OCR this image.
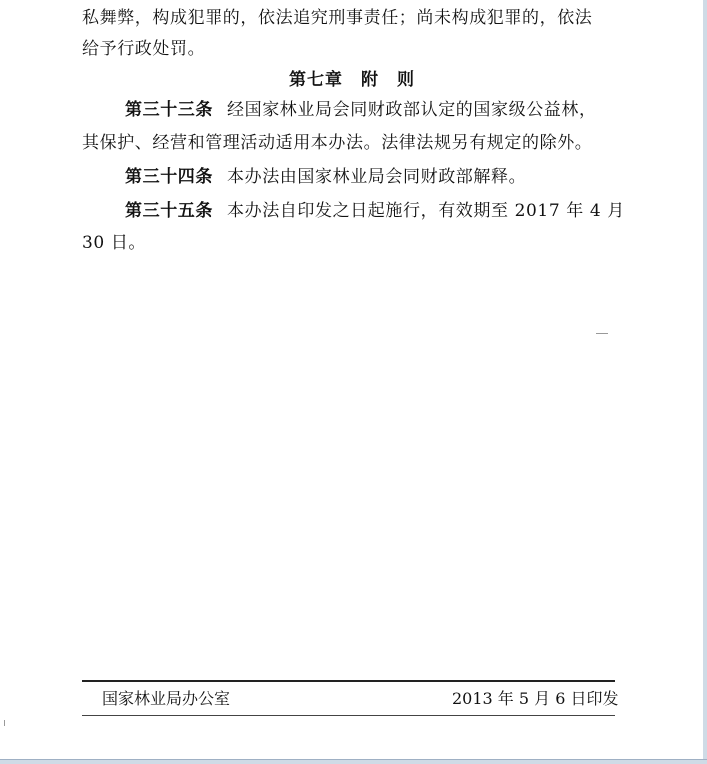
私舞弊，构成犯罪的，依法追究刑事责任；尚未构成犯罪的，依法
给予行政处罚。
第七章　附　则
第三十三条 经国家林业局会同财政部认定的国家级公益林，
其保护、经营和管理活动适用本办法。法律法规另有规定的除外。
第三十四条 本办法由国家林业局会同财政部解释。
第三十五条 本办法自印发之日起施行，有效期至 2017 年 4 月
30 日。
国家林业局办公室	2013 年 5 月 6 日印发
